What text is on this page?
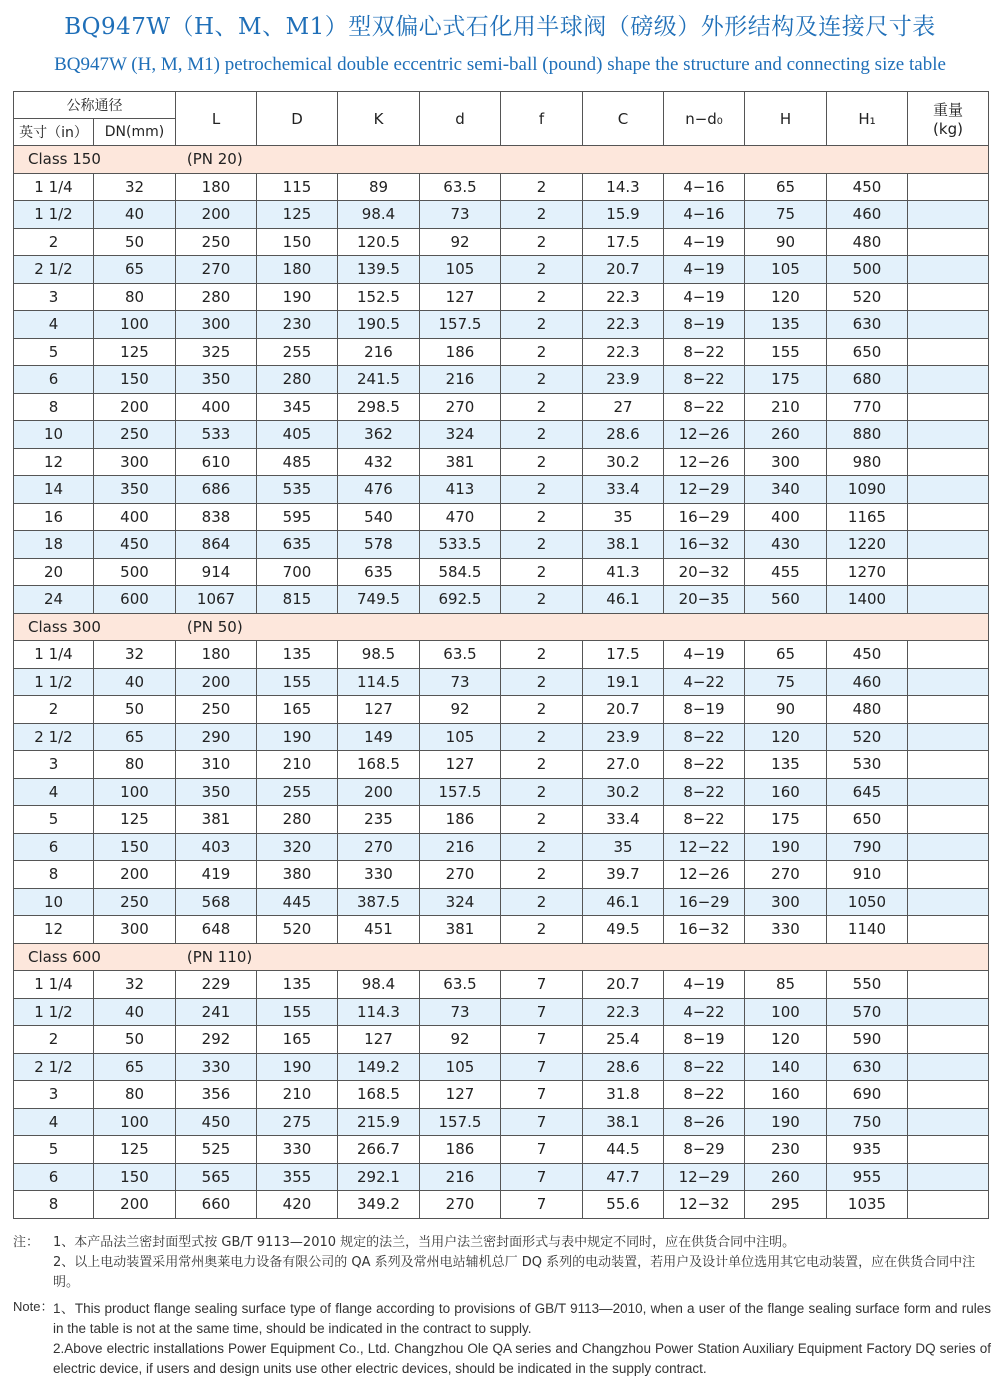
BQ947W（H、M、M1）型双偏心式石化用半球阀（磅级）外形结构及连接尺寸表
BQ947W (H, M, M1) petrochemical double eccentric semi-ball (pound) shape the structure and connecting size table
公称通径		L	D	K	d	f	C	n−d₀	H	H₁	重量
(kg)

英寸（in）	DN(mm)										
Class 150 (PN 20)											
1 1/4	32	180	115	89	63.5	2	14.3	4−16	65	450	
1 1/2	40	200	125	98.4	73	2	15.9	4−16	75	460	
2	50	250	150	120.5	92	2	17.5	4−19	90	480	
2 1/2	65	270	180	139.5	105	2	20.7	4−19	105	500	
3	80	280	190	152.5	127	2	22.3	4−19	120	520	
4	100	300	230	190.5	157.5	2	22.3	8−19	135	630	
5	125	325	255	216	186	2	22.3	8−22	155	650	
6	150	350	280	241.5	216	2	23.9	8−22	175	680	
8	200	400	345	298.5	270	2	27	8−22	210	770	
10	250	533	405	362	324	2	28.6	12−26	260	880	
12	300	610	485	432	381	2	30.2	12−26	300	980	
14	350	686	535	476	413	2	33.4	12−29	340	1090	
16	400	838	595	540	470	2	35	16−29	400	1165	
18	450	864	635	578	533.5	2	38.1	16−32	430	1220	
20	500	914	700	635	584.5	2	41.3	20−32	455	1270	
24	600	1067	815	749.5	692.5	2	46.1	20−35	560	1400	
Class 300 (PN 50)											
1 1/4	32	180	135	98.5	63.5	2	17.5	4−19	65	450	
1 1/2	40	200	155	114.5	73	2	19.1	4−22	75	460	
2	50	250	165	127	92	2	20.7	8−19	90	480	
2 1/2	65	290	190	149	105	2	23.9	8−22	120	520	
3	80	310	210	168.5	127	2	27.0	8−22	135	530	
4	100	350	255	200	157.5	2	30.2	8−22	160	645	
5	125	381	280	235	186	2	33.4	8−22	175	650	
6	150	403	320	270	216	2	35	12−22	190	790	
8	200	419	380	330	270	2	39.7	12−26	270	910	
10	250	568	445	387.5	324	2	46.1	16−29	300	1050	
12	300	648	520	451	381	2	49.5	16−32	330	1140	
Class 600 (PN 110)											
1 1/4	32	229	135	98.4	63.5	7	20.7	4−19	85	550	
1 1/2	40	241	155	114.3	73	7	22.3	4−22	100	570	
2	50	292	165	127	92	7	25.4	8−19	120	590	
2 1/2	65	330	190	149.2	105	7	28.6	8−22	140	630	
3	80	356	210	168.5	127	7	31.8	8−22	160	690	
4	100	450	275	215.9	157.5	7	38.1	8−26	190	750	
5	125	525	330	266.7	186	7	44.5	8−29	230	935	
6	150	565	355	292.1	216	7	47.7	12−29	260	955	
8	200	660	420	349.2	270	7	55.6	12−32	295	1035	
注： 1、本产品法兰密封面型式按 GB/T 9113—2010 规定的法兰，当用户法兰密封面形式与表中规定不同时，应在供货合同中注明。
2、以上电动装置采用常州奥莱电力设备有限公司的 QA 系列及常州电站辅机总厂 DQ 系列的电动装置，若用户及设计单位选用其它电动装置，应在供货合同中注明。
Note： 1、This product flange sealing surface type of flange according to provisions of GB/T 9113—2010, when a user of the flange sealing surface form and rules in the table is not at the same time, should be indicated in the contract to supply.
2.Above electric installations Power Equipment Co., Ltd. Changzhou Ole QA series and Changzhou Power Station Auxiliary Equipment Factory DQ series of electric device, if users and design units use other electric devices, should be indicated in the supply contract.
